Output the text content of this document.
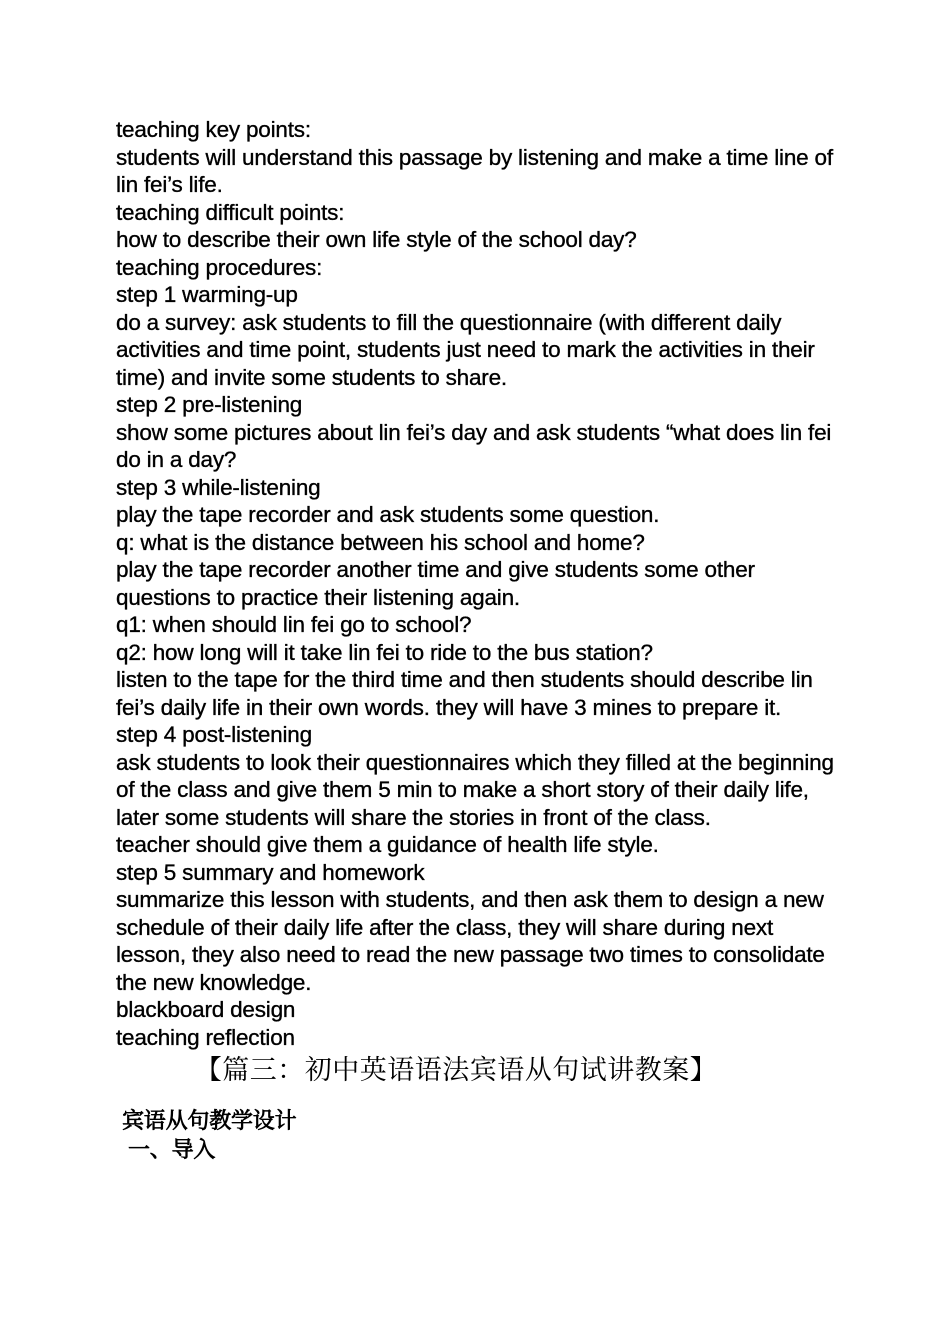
teaching key points:

students will understand this passage by listening and make a time line of lin fei’s life.

teaching difficult points:

how to describe their own life style of the school day?

teaching procedures:

step 1 warming-up

do a survey: ask students to fill the questionnaire (with different daily activities and time point, students just need to mark the activities in their time) and invite some students to share.

step 2 pre-listening

show some pictures about lin fei’s day and ask students “what does lin fei do in a day?

step 3 while-listening

play the tape recorder and ask students some question.

q: what is the distance between his school and home?

play the tape recorder another time and give students some other questions to practice their listening again.

q1: when should lin fei go to school?

q2: how long will it take lin fei to ride to the bus station?

listen to the tape for the third time and then students should describe lin fei’s daily life in their own words. they will have 3 mines to prepare it.

step 4 post-listening

ask students to look their questionnaires which they filled at the beginning of the class and give them 5 min to make a short story of their daily life, later some students will share the stories in front of the class.

teacher should give them a guidance of health life style.

step 5 summary and homework

summarize this lesson with students, and then ask them to design a new schedule of their daily life after the class, they will share during next lesson, they also need to read the new passage two times to consolidate the new knowledge.

blackboard design

teaching reflection

【篇三：初中英语语法宾语从句试讲教案】
宾语从句教学设计
一、导入
